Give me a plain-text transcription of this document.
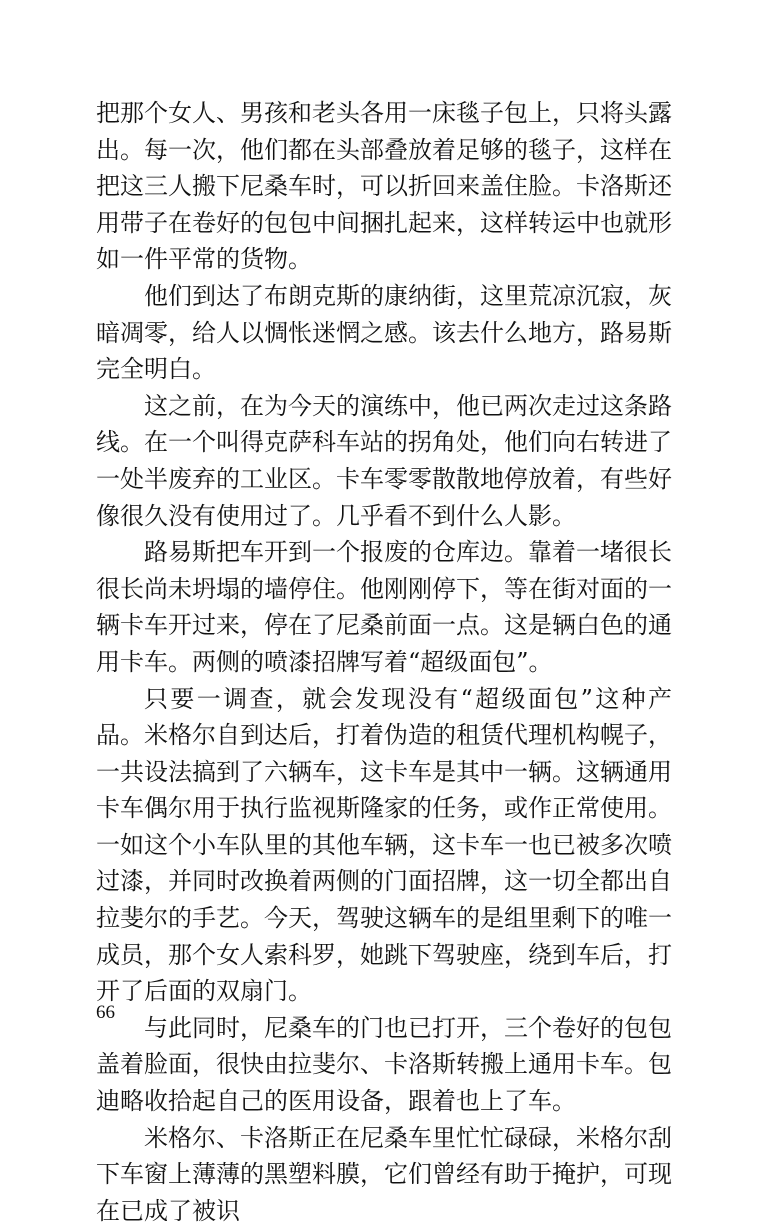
把那个女人、男孩和老头各用一床毯子包上，只将头露出。每一次，他们都在头部叠放着足够的毯子，这样在把这三人搬下尼桑车时，可以折回来盖住脸。卡洛斯还用带子在卷好的包包中间捆扎起来，这样转运中也就形如一件平常的货物。

他们到达了布朗克斯的康纳街，这里荒凉沉寂，灰暗凋零，给人以惆怅迷惘之感。该去什么地方，路易斯完全明白。

这之前，在为今天的演练中，他已两次走过这条路线。在一个叫得克萨科车站的拐角处，他们向右转进了一处半废弃的工业区。卡车零零散散地停放着，有些好像很久没有使用过了。几乎看不到什么人影。

路易斯把车开到一个报废的仓库边。靠着一堵很长很长尚未坍塌的墙停住。他刚刚停下，等在街对面的一辆卡车开过来，停在了尼桑前面一点。这是辆白色的通用卡车。两侧的喷漆招牌写着“超级面包”。

只要一调查，就会发现没有“超级面包”这种产品。米格尔自到达后，打着伪造的租赁代理机构幌子，一共设法搞到了六辆车，这卡车是其中一辆。这辆通用卡车偶尔用于执行监视斯隆家的任务，或作正常使用。一如这个小车队里的其他车辆，这卡车一也已被多次喷过漆，并同时改换着两侧的门面招牌，这一切全都出自拉斐尔的手艺。今天，驾驶这辆车的是组里剩下的唯一成员，那个女人索科罗，她跳下驾驶座，绕到车后，打开了后面的双扇门。

与此同时，尼桑车的门也已打开，三个卷好的包包盖着脸面，很快由拉斐尔、卡洛斯转搬上通用卡车。包迪略收拾起自己的医用设备，跟着也上了车。

米格尔、卡洛斯正在尼桑车里忙忙碌碌，米格尔刮下车窗上薄薄的黑塑料膜，它们曾经有助于掩护，可现在已成了被识

66
